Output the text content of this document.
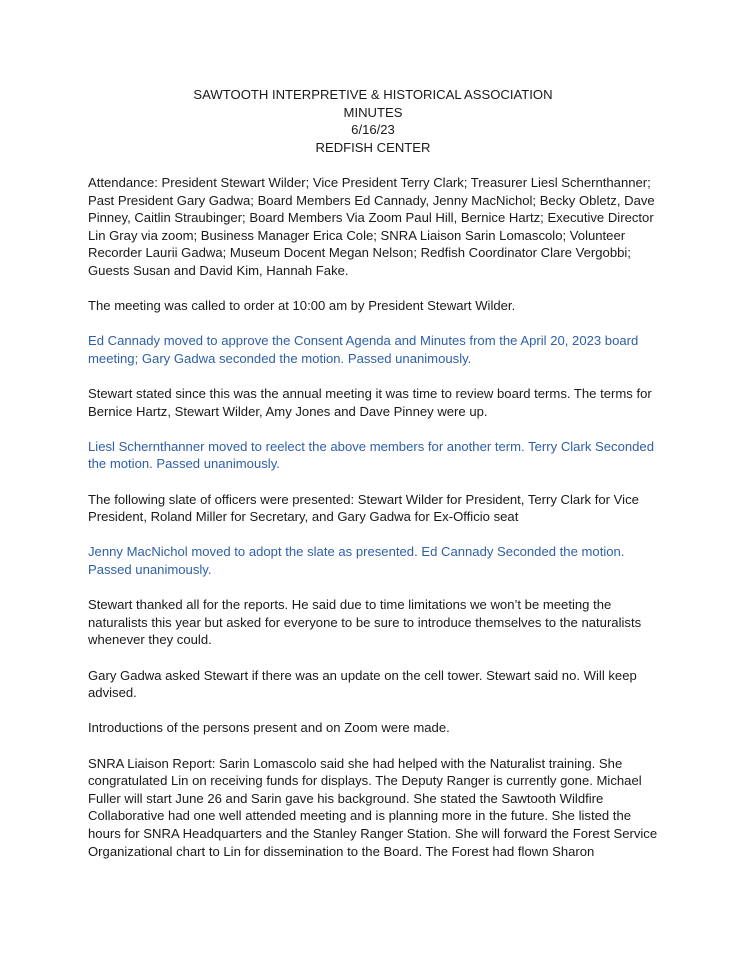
SAWTOOTH INTERPRETIVE & HISTORICAL ASSOCIATION
MINUTES
6/16/23
REDFISH CENTER

Attendance: President Stewart Wilder; Vice President Terry Clark; Treasurer Liesl Schernthanner; Past President Gary Gadwa; Board Members Ed Cannady, Jenny MacNichol; Becky Obletz, Dave Pinney, Caitlin Straubinger; Board Members Via Zoom Paul Hill, Bernice Hartz; Executive Director Lin Gray via zoom; Business Manager Erica Cole; SNRA Liaison Sarin Lomascolo; Volunteer Recorder Laurii Gadwa; Museum Docent Megan Nelson; Redfish Coordinator Clare Vergobbi; Guests Susan and David Kim, Hannah Fake.

The meeting was called to order at 10:00 am by President Stewart Wilder.

Ed Cannady moved to approve the Consent Agenda and Minutes from the April 20, 2023 board meeting; Gary Gadwa seconded the motion. Passed unanimously.

Stewart stated since this was the annual meeting it was time to review board terms. The terms for Bernice Hartz, Stewart Wilder, Amy Jones and Dave Pinney were up.

Liesl Schernthanner moved to reelect the above members for another term. Terry Clark Seconded the motion. Passed unanimously.

The following slate of officers were presented: Stewart Wilder for President, Terry Clark for Vice President, Roland Miller for Secretary, and Gary Gadwa for Ex-Officio seat

Jenny MacNichol moved to adopt the slate as presented. Ed Cannady Seconded the motion. Passed unanimously.

Stewart thanked all for the reports. He said due to time limitations we won’t be meeting the naturalists this year but asked for everyone to be sure to introduce themselves to the naturalists whenever they could.

Gary Gadwa asked Stewart if there was an update on the cell tower. Stewart said no. Will keep advised.

Introductions of the persons present and on Zoom were made.

SNRA Liaison Report: Sarin Lomascolo said she had helped with the Naturalist training. She congratulated Lin on receiving funds for displays. The Deputy Ranger is currently gone. Michael Fuller will start June 26 and Sarin gave his background. She stated the Sawtooth Wildfire Collaborative had one well attended meeting and is planning more in the future. She listed the hours for SNRA Headquarters and the Stanley Ranger Station. She will forward the Forest Service Organizational chart to Lin for dissemination to the Board. The Forest had flown Sharon
